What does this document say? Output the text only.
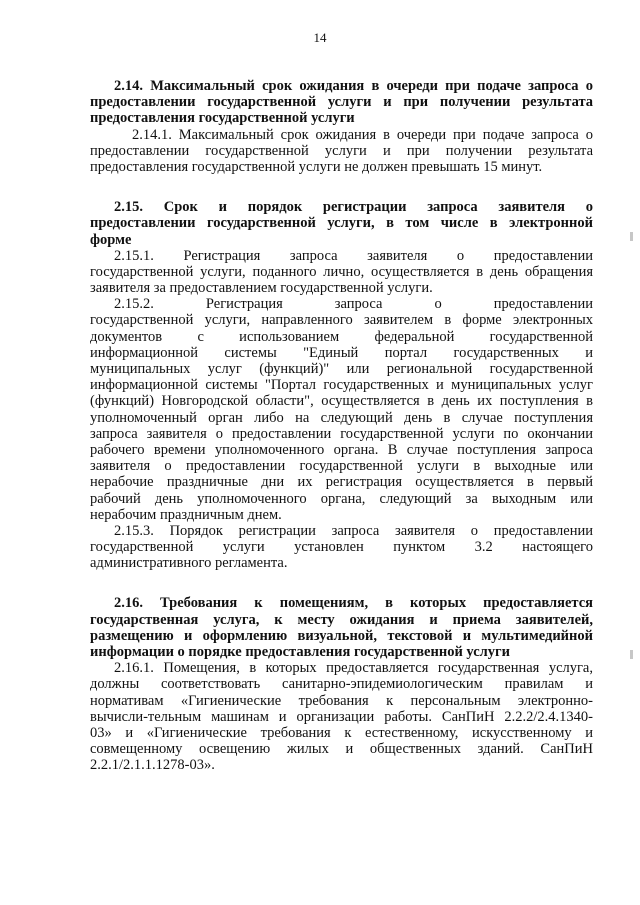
14
2.14. Максимальный срок ожидания в очереди при подаче запроса о
предоставлении государственной услуги и при получении результата
предоставления государственной услуги
2.14.1. Максимальный срок ожидания в очереди при подаче запроса о
предоставлении государственной услуги и при получении результата
предоставления государственной услуги не должен превышать 15 минут.
2.15. Срок и порядок регистрации запроса заявителя о
предоставлении государственной услуги, в том числе в электронной
форме
2.15.1. Регистрация запроса заявителя о предоставлении
государственной услуги, поданного лично, осуществляется в день обращения
заявителя за предоставлением государственной услуги.
2.15.2. Регистрация запроса о предоставлении
государственной услуги, направленного заявителем в форме электронных
документов с использованием федеральной государственной
информационной системы "Единый портал государственных и
муниципальных услуг (функций)" или региональной государственной
информационной системы "Портал государственных и муниципальных услуг
(функций) Новгородской области", осуществляется в день их поступления в
уполномоченный орган либо на следующий день в случае поступления
запроса заявителя о предоставлении государственной услуги по окончании
рабочего времени уполномоченного органа. В случае поступления запроса
заявителя о предоставлении государственной услуги в выходные или
нерабочие праздничные дни их регистрация осуществляется в первый
рабочий день уполномоченного органа, следующий за выходным или
нерабочим праздничным днем.
2.15.3. Порядок регистрации запроса заявителя о предоставлении
государственной услуги установлен пунктом 3.2 настоящего
административного регламента.
2.16. Требования к помещениям, в которых предоставляется
государственная услуга, к месту ожидания и приема заявителей,
размещению и оформлению визуальной, текстовой и мультимедийной
информации о порядке предоставления государственной услуги
2.16.1. Помещения, в которых предоставляется государственная услуга,
должны соответствовать санитарно-эпидемиологическим правилам и
нормативам «Гигиенические требования к персональным электронно-
вычисли-тельным машинам и организации работы. СанПиН 2.2.2/2.4.1340-
03» и «Гигиенические требования к естественному, искусственному и
совмещенному освещению жилых и общественных зданий. СанПиН
2.2.1/2.1.1.1278-03».
